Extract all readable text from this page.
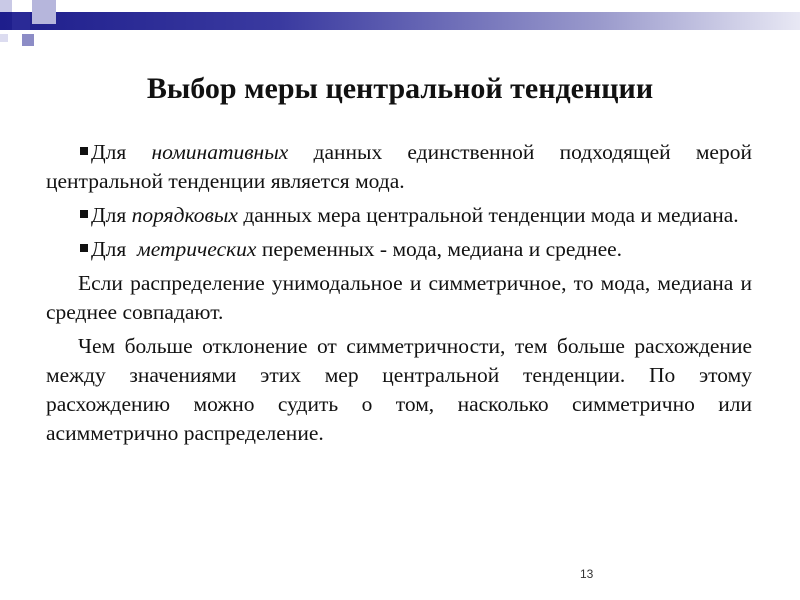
Выбор меры центральной тенденции

Для номинативных данных единственной подходящей мерой центральной тенденции является мода.

Для порядковых данных мера центральной тенденции мода и медиана.

Для  метрических переменных - мода, медиана и среднее.

Если распределение унимодальное и симметричное, то мода, медиана и среднее совпадают.

Чем больше отклонение от симметричности, тем больше расхождение между значениями этих мер центральной тенденции. По этому расхождению можно судить о том, насколько симметрично или асимметрично распределение.

13
